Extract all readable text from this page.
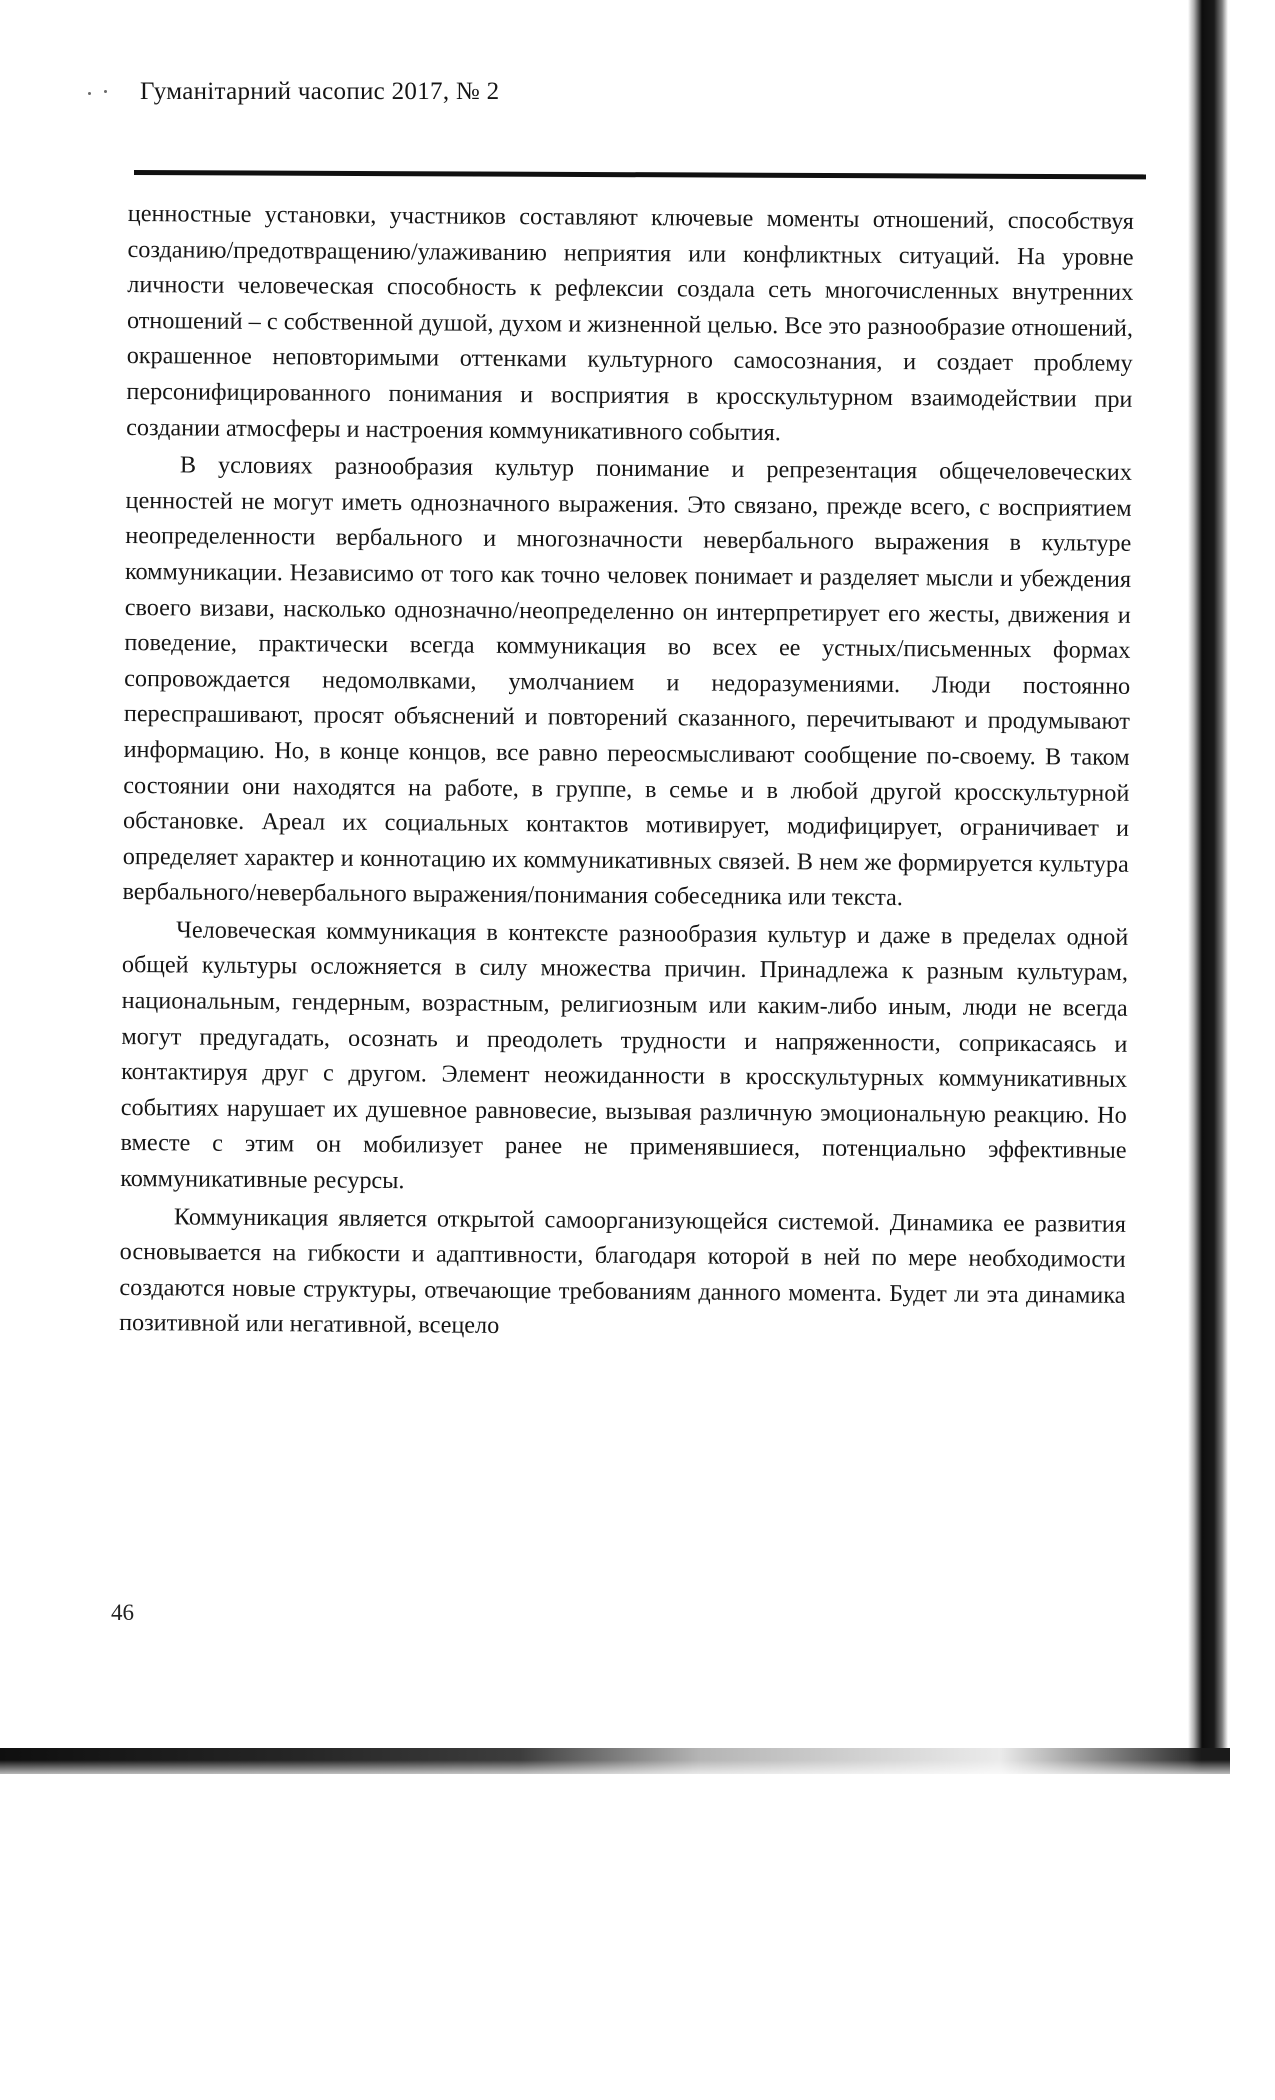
Гуманітарний часопис 2017, № 2

ценностные установки, участников составляют ключевые моменты отношений, способствуя созданию/предотвращению/улаживанию неприятия или конфликтных ситуаций. На уровне личности человеческая способность к рефлексии создала сеть многочисленных внутренних отношений – с собственной душой, духом и жизненной целью. Все это разнообразие отношений, окрашенное неповторимыми оттенками культурного самосознания, и создает проблему персонифицированного понимания и восприятия в кросскультурном взаимодействии при создании атмосферы и настроения коммуникативного события.

В условиях разнообразия культур понимание и репрезентация общечеловеческих ценностей не могут иметь однозначного выражения. Это связано, прежде всего, с восприятием неопределенности вербального и многозначности невербального выражения в культуре коммуникации. Независимо от того как точно человек понимает и разделяет мысли и убеждения своего визави, насколько однозначно/неопределенно он интерпретирует его жесты, движения и поведение, практически всегда коммуникация во всех ее устных/письменных формах сопровождается недомолвками, умолчанием и недоразумениями. Люди постоянно переспрашивают, просят объяснений и повторений сказанного, перечитывают и продумывают информацию. Но, в конце концов, все равно переосмысливают сообщение по-своему. В таком состоянии они находятся на работе, в группе, в семье и в любой другой кросскультурной обстановке. Ареал их социальных контактов мотивирует, модифицирует, ограничивает и определяет характер и коннотацию их коммуникативных связей. В нем же формируется культура вербального/невербального выражения/понимания собеседника или текста.

Человеческая коммуникация в контексте разнообразия культур и даже в пределах одной общей культуры осложняется в силу множества причин. Принадлежа к разным культурам, национальным, гендерным, возрастным, религиозным или каким-либо иным, люди не всегда могут предугадать, осознать и преодолеть трудности и напряженности, соприкасаясь и контактируя друг с другом. Элемент неожиданности в кросскультурных коммуникативных событиях нарушает их душевное равновесие, вызывая различную эмоциональную реакцию. Но вместе с этим он мобилизует ранее не применявшиеся, потенциально эффективные коммуникативные ресурсы.

Коммуникация является открытой самоорганизующейся системой. Динамика ее развития основывается на гибкости и адаптивности, благодаря которой в ней по мере необходимости создаются новые структуры, отвечающие требованиям данного момента. Будет ли эта динамика позитивной или негативной, всецело

46
